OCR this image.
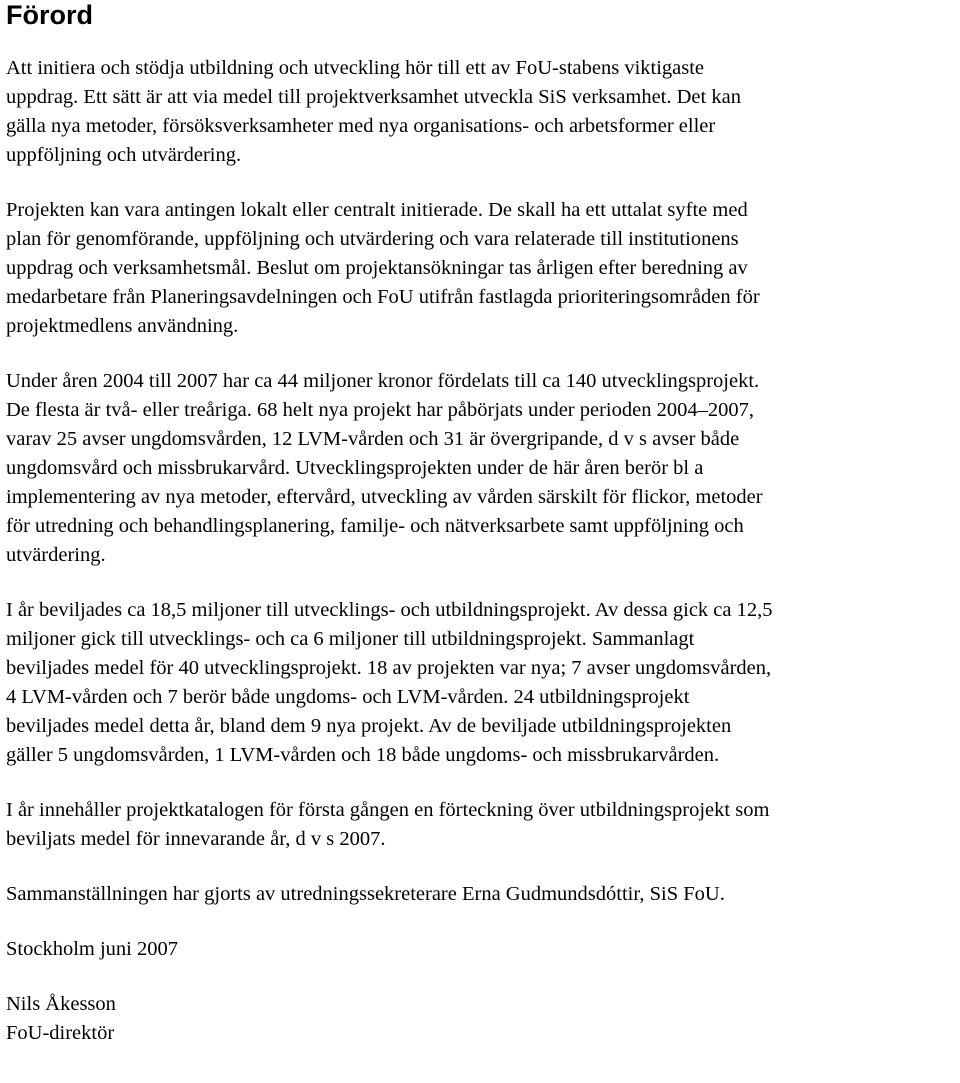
Förord
Att initiera och stödja utbildning och utveckling hör till ett av FoU-stabens viktigaste
uppdrag. Ett sätt är att via medel till projektverksamhet utveckla SiS verksamhet. Det kan
gälla nya metoder, försöksverksamheter med nya organisations- och arbetsformer eller
uppföljning och utvärdering.
Projekten kan vara antingen lokalt eller centralt initierade. De skall ha ett uttalat syfte med
plan för genomförande, uppföljning och utvärdering och vara relaterade till institutionens
uppdrag och verksamhetsmål. Beslut om projektansökningar tas årligen efter beredning av
medarbetare från Planeringsavdelningen och FoU utifrån fastlagda prioriteringsområden för
projektmedlens användning.
Under åren 2004 till 2007 har ca 44 miljoner kronor fördelats till ca 140 utvecklingsprojekt.
De flesta är två- eller treåriga. 68 helt nya projekt har påbörjats under perioden 2004–2007,
varav 25 avser ungdomsvården, 12 LVM-vården och 31 är övergripande, d v s avser både
ungdomsvård och missbrukarvård. Utvecklingsprojekten under de här åren berör bl a
implementering av nya metoder, eftervård, utveckling av vården särskilt för flickor, metoder
för utredning och behandlingsplanering, familje- och nätverksarbete samt uppföljning och
utvärdering.
I år beviljades ca 18,5 miljoner till utvecklings- och utbildningsprojekt. Av dessa gick ca 12,5
miljoner gick till utvecklings- och ca 6 miljoner till utbildningsprojekt. Sammanlagt
beviljades medel för 40 utvecklingsprojekt. 18 av projekten var nya; 7 avser ungdomsvården,
4 LVM-vården och 7 berör både ungdoms- och LVM-vården. 24 utbildningsprojekt
beviljades medel detta år, bland dem 9 nya projekt. Av de beviljade utbildningsprojekten
gäller 5 ungdomsvården, 1 LVM-vården och 18 både ungdoms- och missbrukarvården.
I år innehåller projektkatalogen för första gången en förteckning över utbildningsprojekt som
beviljats medel för innevarande år, d v s 2007.
Sammanställningen har gjorts av utredningssekreterare Erna Gudmundsdóttir, SiS FoU.
Stockholm juni 2007
Nils Åkesson
FoU-direktör
